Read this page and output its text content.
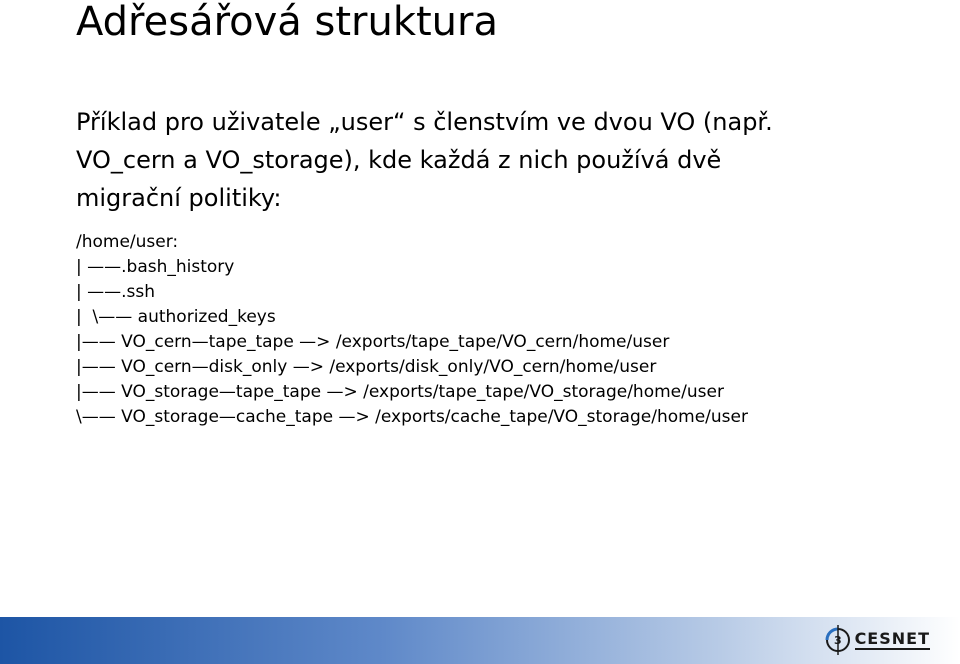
Adřesářová struktura
Příklad pro uživatele „user“ s členstvím ve dvou VO (např.
VO_cern a VO_storage), kde každá z nich používá dvě
migrační politiky:
/home/user:
| ——.bash_history
| ——.ssh
|  \—— authorized_keys
|—— VO_cern—tape_tape —> /exports/tape_tape/VO_cern/home/user
|—— VO_cern—disk_only —> /exports/disk_only/VO_cern/home/user
|—— VO_storage—tape_tape —> /exports/tape_tape/VO_storage/home/user
\—— VO_storage—cache_tape —> /exports/cache_tape/VO_storage/home/user
3 CESNET
